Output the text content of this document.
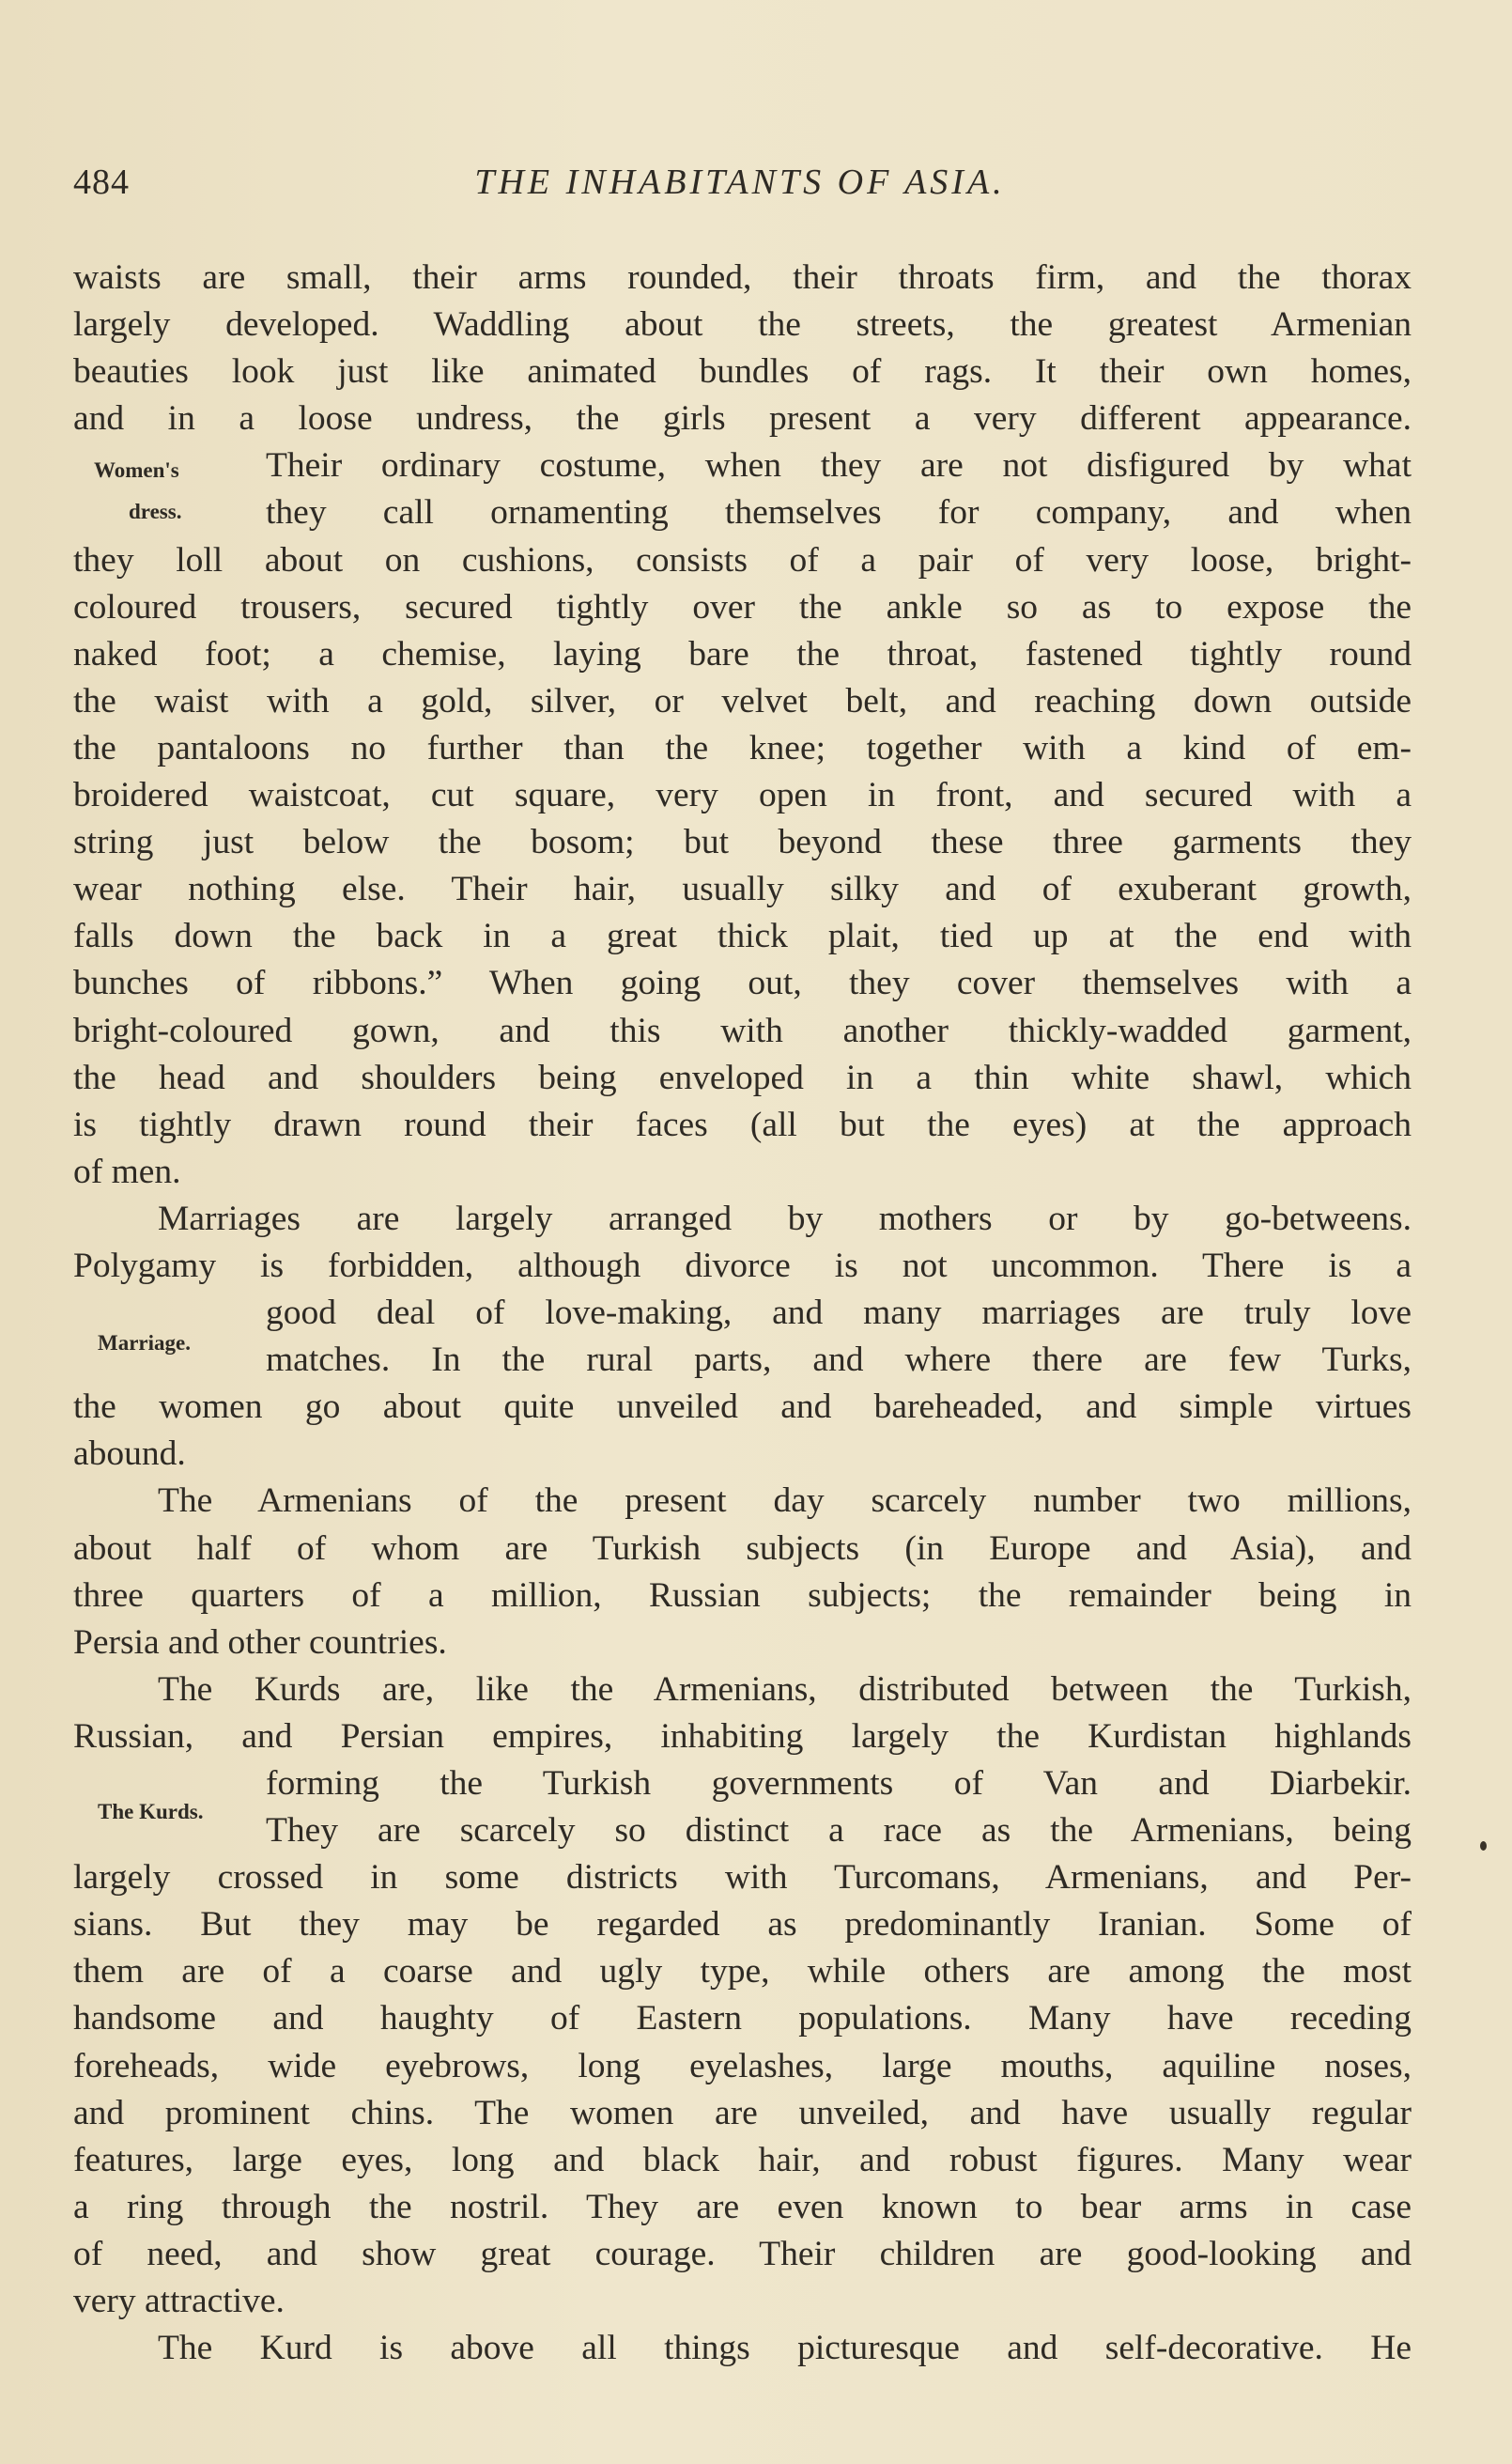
484	THE INHABITANTS OF ASIA.
Women's
dress.
Marriage.
The Kurds.
waists are small, their arms rounded, their throats firm, and the thorax
largely developed. Waddling about the streets, the greatest Armenian
beauties look just like animated bundles of rags. It their own homes,
and in a loose undress, the girls present a very different appearance.
Their ordinary costume, when they are not disfigured by what
they call ornamenting themselves for company, and when
they loll about on cushions, consists of a pair of very loose, bright-
coloured trousers, secured tightly over the ankle so as to expose the
naked foot; a chemise, laying bare the throat, fastened tightly round
the waist with a gold, silver, or velvet belt, and reaching down outside
the pantaloons no further than the knee; together with a kind of em-
broidered waistcoat, cut square, very open in front, and secured with a
string just below the bosom; but beyond these three garments they
wear nothing else. Their hair, usually silky and of exuberant growth,
falls down the back in a great thick plait, tied up at the end with
bunches of ribbons.” When going out, they cover themselves with a
bright-coloured gown, and this with another thickly-wadded garment,
the head and shoulders being enveloped in a thin white shawl, which
is tightly drawn round their faces (all but the eyes) at the approach
of men.
Marriages are largely arranged by mothers or by go-betweens.
Polygamy is forbidden, although divorce is not uncommon. There is a
good deal of love-making, and many marriages are truly love
matches. In the rural parts, and where there are few Turks,
the women go about quite unveiled and bareheaded, and simple virtues
abound.
The Armenians of the present day scarcely number two millions,
about half of whom are Turkish subjects (in Europe and Asia), and
three quarters of a million, Russian subjects; the remainder being in
Persia and other countries.
The Kurds are, like the Armenians, distributed between the Turkish,
Russian, and Persian empires, inhabiting largely the Kurdistan highlands
forming the Turkish governments of Van and Diarbekir.
They are scarcely so distinct a race as the Armenians, being
largely crossed in some districts with Turcomans, Armenians, and Per-
sians. But they may be regarded as predominantly Iranian. Some of
them are of a coarse and ugly type, while others are among the most
handsome and haughty of Eastern populations. Many have receding
foreheads, wide eyebrows, long eyelashes, large mouths, aquiline noses,
and prominent chins. The women are unveiled, and have usually regular
features, large eyes, long and black hair, and robust figures. Many wear
a ring through the nostril. They are even known to bear arms in case
of need, and show great courage. Their children are good-looking and
very attractive.
The Kurd is above all things picturesque and self-decorative. He
